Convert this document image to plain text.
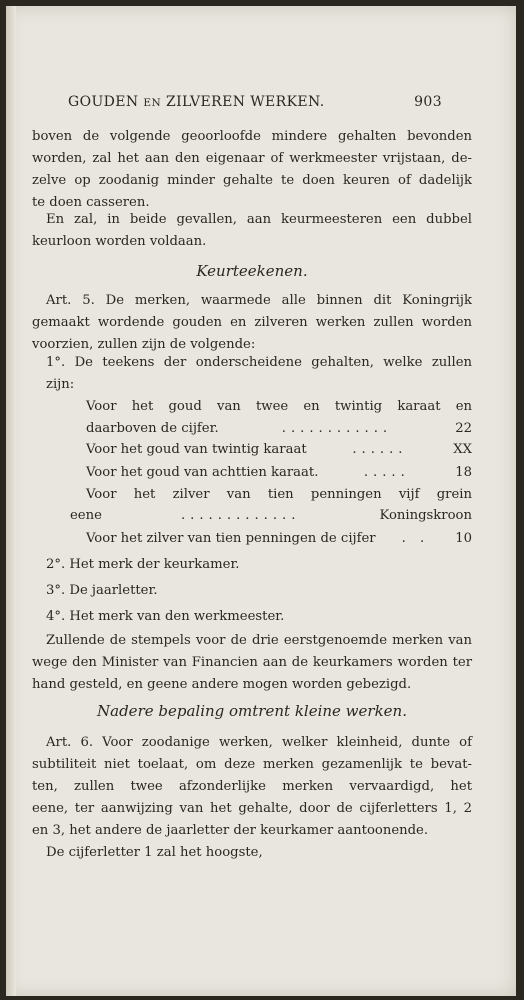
GOUDEN EN ZILVEREN WERKEN.	903
boven de volgende geoorloofde mindere gehalten bevonden
worden, zal het aan den eigenaar of werkmeester vrijstaan, de-
zelve op zoodanig minder gehalte te doen keuren of dadelijk
te doen casseren.
En zal, in beide gevallen, aan keurmeesteren een dubbel
keurloon worden voldaan.
Keurteekenen.
Art. 5. De merken, waarmede alle binnen dit Koningrijk
gemaakt wordende gouden en zilveren werken zullen worden
voorzien, zullen zijn de volgende:
1°. De teekens der onderscheidene gehalten, welke zullen
zijn:
Voor het goud van twee en twintig karaat en
daarboven de cijfer.	............	22
Voor het goud van twintig karaat	......	XX
Voor het goud van achttien karaat.	.....	18
Voor het zilver van tien penningen vijf grein
eene	.............	Koningskroon
Voor het zilver van tien penningen de cijfer . . 10
2°. Het merk der keurkamer.
3°. De jaarletter.
4°. Het merk van den werkmeester.
Zullende de stempels voor de drie eerstgenoemde merken van
wege den Minister van Financien aan de keurkamers worden ter
hand gesteld, en geene andere mogen worden gebezigd.
Nadere bepaling omtrent kleine werken.
Art. 6. Voor zoodanige werken, welker kleinheid, dunte of
subtiliteit niet toelaat, om deze merken gezamenlijk te bevat-
ten, zullen twee afzonderlijke merken vervaardigd, het
eene, ter aanwijzing van het gehalte, door de cijferletters 1, 2
en 3, het andere de jaarletter der keurkamer aantoonende.
De cijferletter 1 zal het hoogste,
